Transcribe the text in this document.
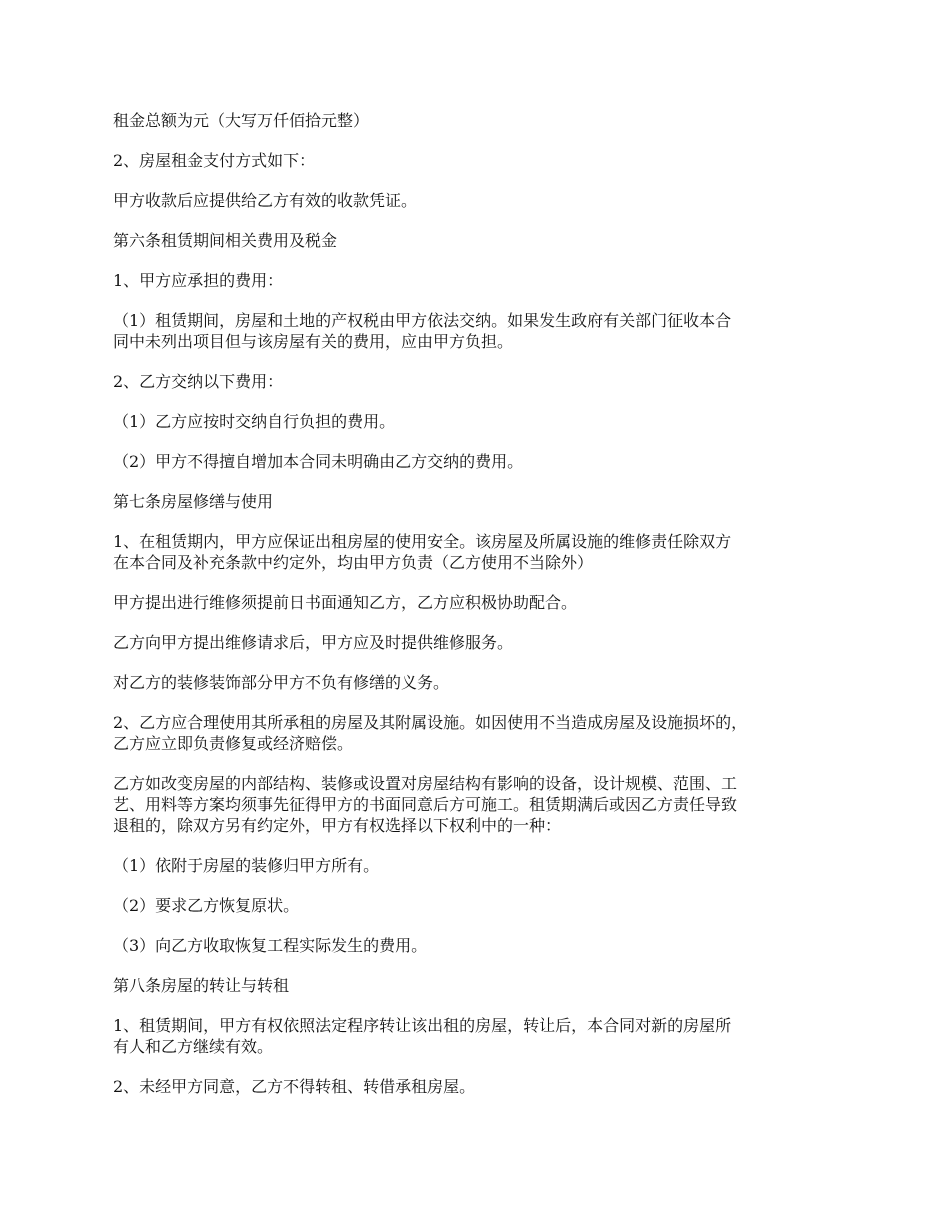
租金总额为元（大写万仟佰拾元整）

2、房屋租金支付方式如下：

甲方收款后应提供给乙方有效的收款凭证。

第六条租赁期间相关费用及税金

1、甲方应承担的费用：

（1）租赁期间，房屋和土地的产权税由甲方依法交纳。如果发生政府有关部门征收本合
同中未列出项目但与该房屋有关的费用，应由甲方负担。

2、乙方交纳以下费用：

（1）乙方应按时交纳自行负担的费用。

（2）甲方不得擅自增加本合同未明确由乙方交纳的费用。

第七条房屋修缮与使用

1、在租赁期内，甲方应保证出租房屋的使用安全。该房屋及所属设施的维修责任除双方
在本合同及补充条款中约定外，均由甲方负责（乙方使用不当除外）

甲方提出进行维修须提前日书面通知乙方，乙方应积极协助配合。

乙方向甲方提出维修请求后，甲方应及时提供维修服务。

对乙方的装修装饰部分甲方不负有修缮的义务。

2、乙方应合理使用其所承租的房屋及其附属设施。如因使用不当造成房屋及设施损坏的，
乙方应立即负责修复或经济赔偿。

乙方如改变房屋的内部结构、装修或设置对房屋结构有影响的设备，设计规模、范围、工
艺、用料等方案均须事先征得甲方的书面同意后方可施工。租赁期满后或因乙方责任导致
退租的，除双方另有约定外，甲方有权选择以下权利中的一种：

（1）依附于房屋的装修归甲方所有。

（2）要求乙方恢复原状。

（3）向乙方收取恢复工程实际发生的费用。

第八条房屋的转让与转租

1、租赁期间，甲方有权依照法定程序转让该出租的房屋，转让后，本合同对新的房屋所
有人和乙方继续有效。

2、未经甲方同意，乙方不得转租、转借承租房屋。
